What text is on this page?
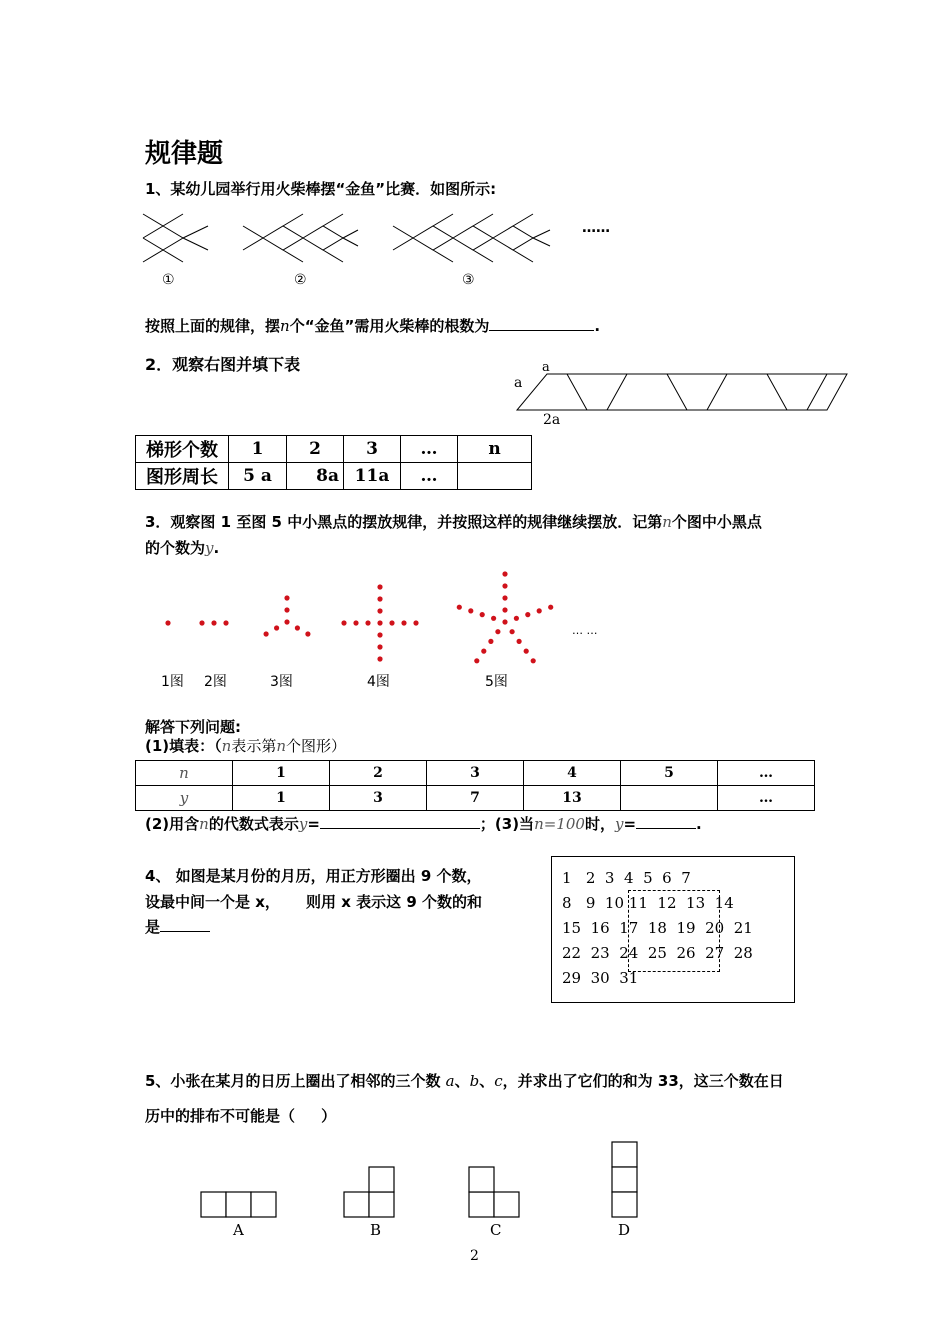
规律题
1、某幼儿园举行用火柴棒摆“金鱼”比赛．如图所示:
……
①	②	③
按照上面的规律，摆n个“金鱼”需用火柴棒的根数为	.
2．观察右图并填下表	a
a
2a
梯形个数	1	2	3	…	n
图形周长	5 a	8a	11a	…	
3．观察图 1 至图 5 中小黑点的摆放规律，并按照这样的规律继续摆放．记第n个图中小黑点
的个数为y.
… …
1图 2图	3图	4图	5图
解答下列问题:
(1)填表：（n表示第n个图形）
n	1	2	3	4	5	…
y	1	3	7	13		…
(2)用含n的代数式表示y=	；(3)当n=100时，y=	.
4、 如图是某月份的月历，用正方形圈出 9 个数，
设最中间一个是 x，     则用 x 表示这 9 个数的和
是
1   2  3  4  5  6  7
8   9  10 11  12  13  14
15  16  17  18  19  20  21
22  23  24  25  26  27  28
29  30  31
5、小张在某月的日历上圈出了相邻的三个数 a、b、c，并求出了它们的和为 33，这三个数在日
历中的排布不可能是（     ）
A	B	C	D
2
